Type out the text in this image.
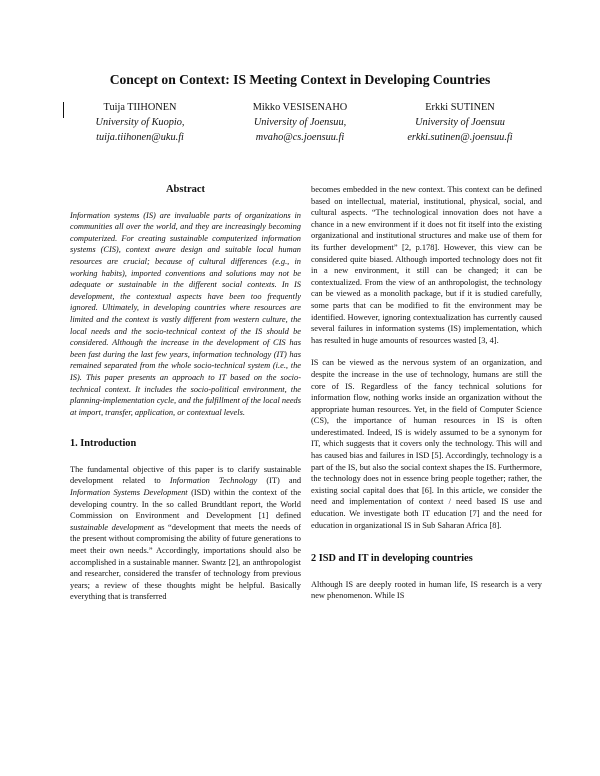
Concept on Context: IS Meeting Context in Developing Countries
Tuija TIIHONEN
University of Kuopio,
tuija.tiihonen@uku.fi
Mikko VESISENAHO
University of Joensuu,
mvaho@cs.joensuu.fi
Erkki SUTINEN
University of Joensuu
erkki.sutinen@.joensuu.fi
Abstract

Information systems (IS) are invaluable parts of organizations in communities all over the world, and they are increasingly becoming computerized. For creating sustainable computerized information systems (CIS), context aware design and suitable local human resources are crucial; because of cultural differences (e.g., in working habits), imported conventions and solutions may not be adequate or sustainable in the different social contexts. In IS development, the contextual aspects have been too frequently ignored. Ultimately, in developing countries where resources are limited and the context is vastly different from western culture, the local needs and the socio-technical context of the IS should be considered. Although the increase in the development of CIS has been fast during the last few years, information technology (IT) has remained separated from the whole socio-technical system (i.e., the IS). This paper presents an approach to IT based on the socio-technical context. It includes the socio-political environment, the planning-implementation cycle, and the fulfillment of the local needs at import, transfer, application, or contextual levels.

1. Introduction

The fundamental objective of this paper is to clarify sustainable development related to Information Technology (IT) and Information Systems Development (ISD) within the context of the developing country. In the so called Brundtlant report, the World Commission on Environment and Development [1] defined sustainable development as “development that meets the needs of the present without compromising the ability of future generations to meet their own needs.” Accordingly, importations should also be accomplished in a sustainable manner. Swantz [2], an anthropologist and researcher, considered the transfer of technology from previous years; a review of these thoughts might be helpful. Basically everything that is transferred

becomes embedded in the new context. This context can be defined based on intellectual, material, institutional, physical, social, and cultural aspects. “The technological innovation does not have a chance in a new environment if it does not fit itself into the existing organizational and institutional structures and make use of them for its further development” [2, p.178]. However, this view can be considered quite biased. Although imported technology does not fit in a new environment, it still can be changed; it can be contextualized. From the view of an anthropologist, the technology can be viewed as a monolith package, but if it is studied carefully, some parts that can be modified to fit the environment may be identified. However, ignoring contextualization has currently caused several failures in information systems (IS) implementation, which has resulted in huge amounts of resources wasted [3, 4].

IS can be viewed as the nervous system of an organization, and despite the increase in the use of technology, humans are still the core of IS. Regardless of the fancy technical solutions for information flow, nothing works inside an organization without the appropriate human resources. Yet, in the field of Computer Science (CS), the importance of human resources in IS is often underestimated. Indeed, IS is widely assumed to be a synonym for IT, which suggests that it covers only the technology. This will and has caused bias and failures in ISD [5]. Accordingly, technology is a part of the IS, but also the social context shapes the IS. Furthermore, the technology does not in essence bring people together; rather, the existing social capital does that [6]. In this article, we consider the need and implementation of context / need based IS use and education. We investigate both IT education [7] and the need for education in organizational IS in Sub Saharan Africa [8].

2 ISD and IT in developing countries

Although IS are deeply rooted in human life, IS research is a very new phenomenon. While IS
